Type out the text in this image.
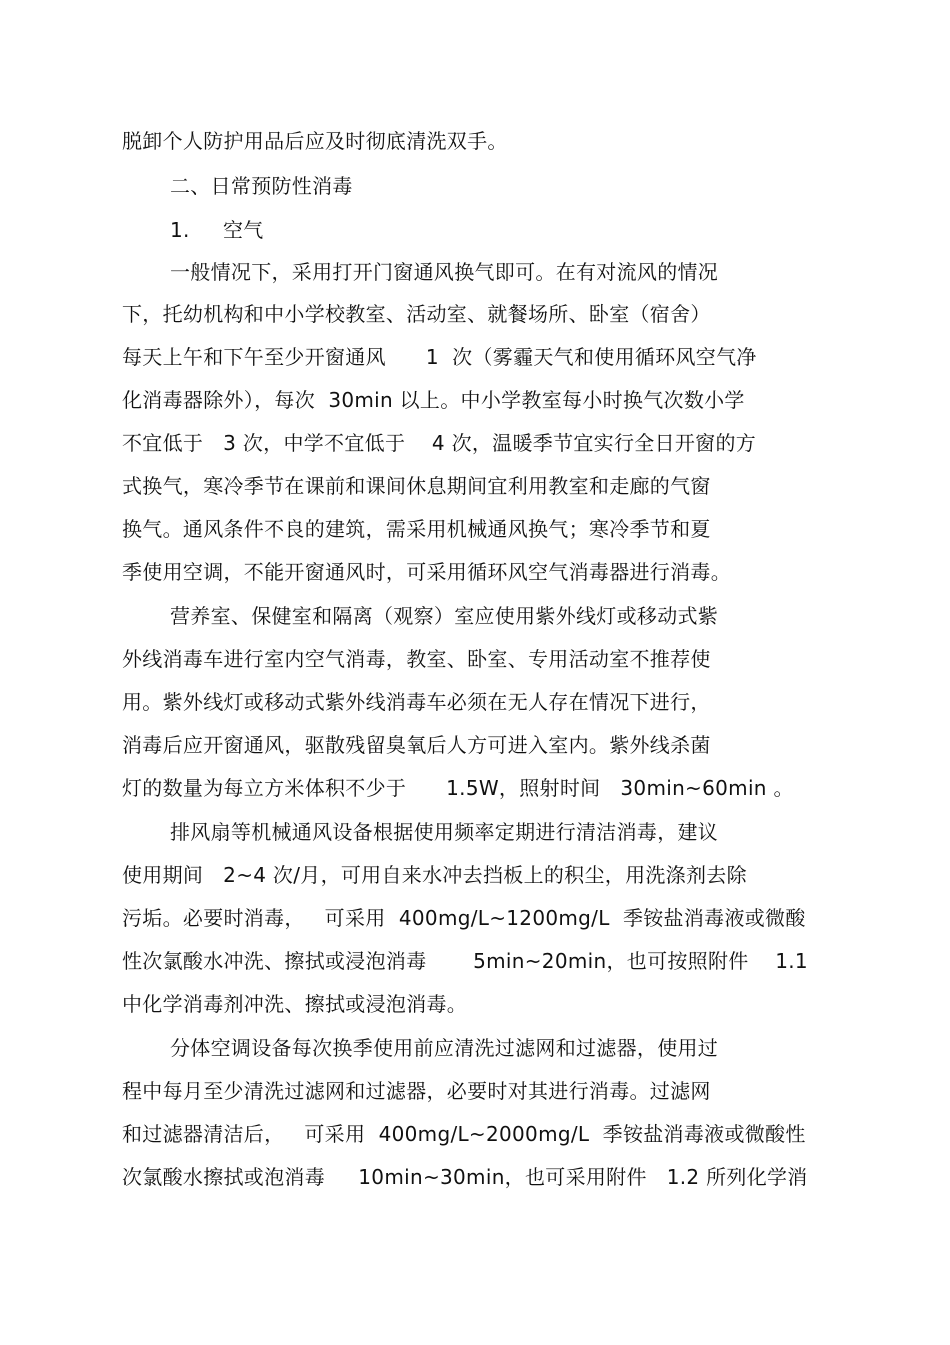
脱卸个人防护用品后应及时彻底清洗双手。
二、日常预防性消毒
1.     空气
一般情况下，采用打开门窗通风换气即可。在有对流风的情况
下，托幼机构和中小学校教室、活动室、就餐场所、卧室（宿舍）
每天上午和下午至少开窗通风      1  次（雾霾天气和使用循环风空气净
化消毒器除外），每次  30min 以上。中小学教室每小时换气次数小学
不宜低于   3 次，中学不宜低于    4 次，温暖季节宜实行全日开窗的方
式换气，寒冷季节在课前和课间休息期间宜利用教室和走廊的气窗
换气。通风条件不良的建筑，需采用机械通风换气；寒冷季节和夏
季使用空调，不能开窗通风时，可采用循环风空气消毒器进行消毒。
营养室、保健室和隔离（观察）室应使用紫外线灯或移动式紫
外线消毒车进行室内空气消毒，教室、卧室、专用活动室不推荐使
用。紫外线灯或移动式紫外线消毒车必须在无人存在情况下进行，
消毒后应开窗通风，驱散残留臭氧后人方可进入室内。紫外线杀菌
灯的数量为每立方米体积不少于      1.5W，照射时间   30min~60min 。
排风扇等机械通风设备根据使用频率定期进行清洁消毒，建议
使用期间   2~4 次/月，可用自来水冲去挡板上的积尘，用洗涤剂去除
污垢。必要时消毒，   可采用  400mg/L~1200mg/L  季铵盐消毒液或微酸
性次氯酸水冲洗、擦拭或浸泡消毒       5min~20min，也可按照附件    1.1
中化学消毒剂冲洗、擦拭或浸泡消毒。
分体空调设备每次换季使用前应清洗过滤网和过滤器，使用过
程中每月至少清洗过滤网和过滤器，必要时对其进行消毒。过滤网
和过滤器清洁后，   可采用  400mg/L~2000mg/L  季铵盐消毒液或微酸性
次氯酸水擦拭或泡消毒     10min~30min，也可采用附件   1.2 所列化学消
